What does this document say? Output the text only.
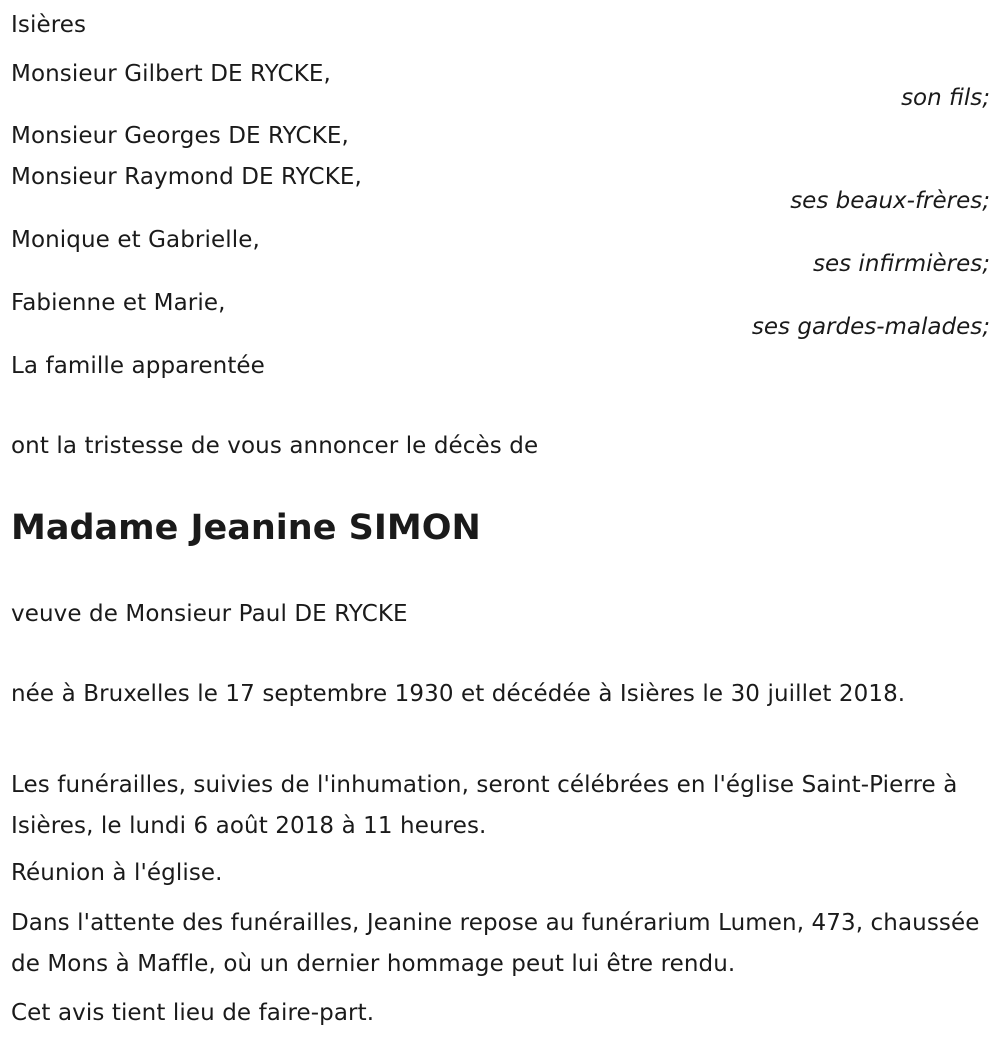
Isières
Monsieur Gilbert DE RYCKE,
son fils;
Monsieur Georges DE RYCKE,
Monsieur Raymond DE RYCKE,
ses beaux-frères;
Monique et Gabrielle,
ses infirmières;
Fabienne et Marie,
ses gardes-malades;
La famille apparentée
ont la tristesse de vous annoncer le décès de
Madame Jeanine SIMON
veuve de Monsieur Paul DE RYCKE
née à Bruxelles le 17 septembre 1930 et décédée à Isières le 30 juillet 2018.
Les funérailles, suivies de l'inhumation, seront célébrées en l'église Saint-Pierre à Isières, le lundi 6 août 2018 à 11 heures.
Réunion à l'église.
Dans l'attente des funérailles, Jeanine repose au funérarium Lumen, 473, chaussée de Mons à Maffle, où un dernier hommage peut lui être rendu.
Cet avis tient lieu de faire-part.
